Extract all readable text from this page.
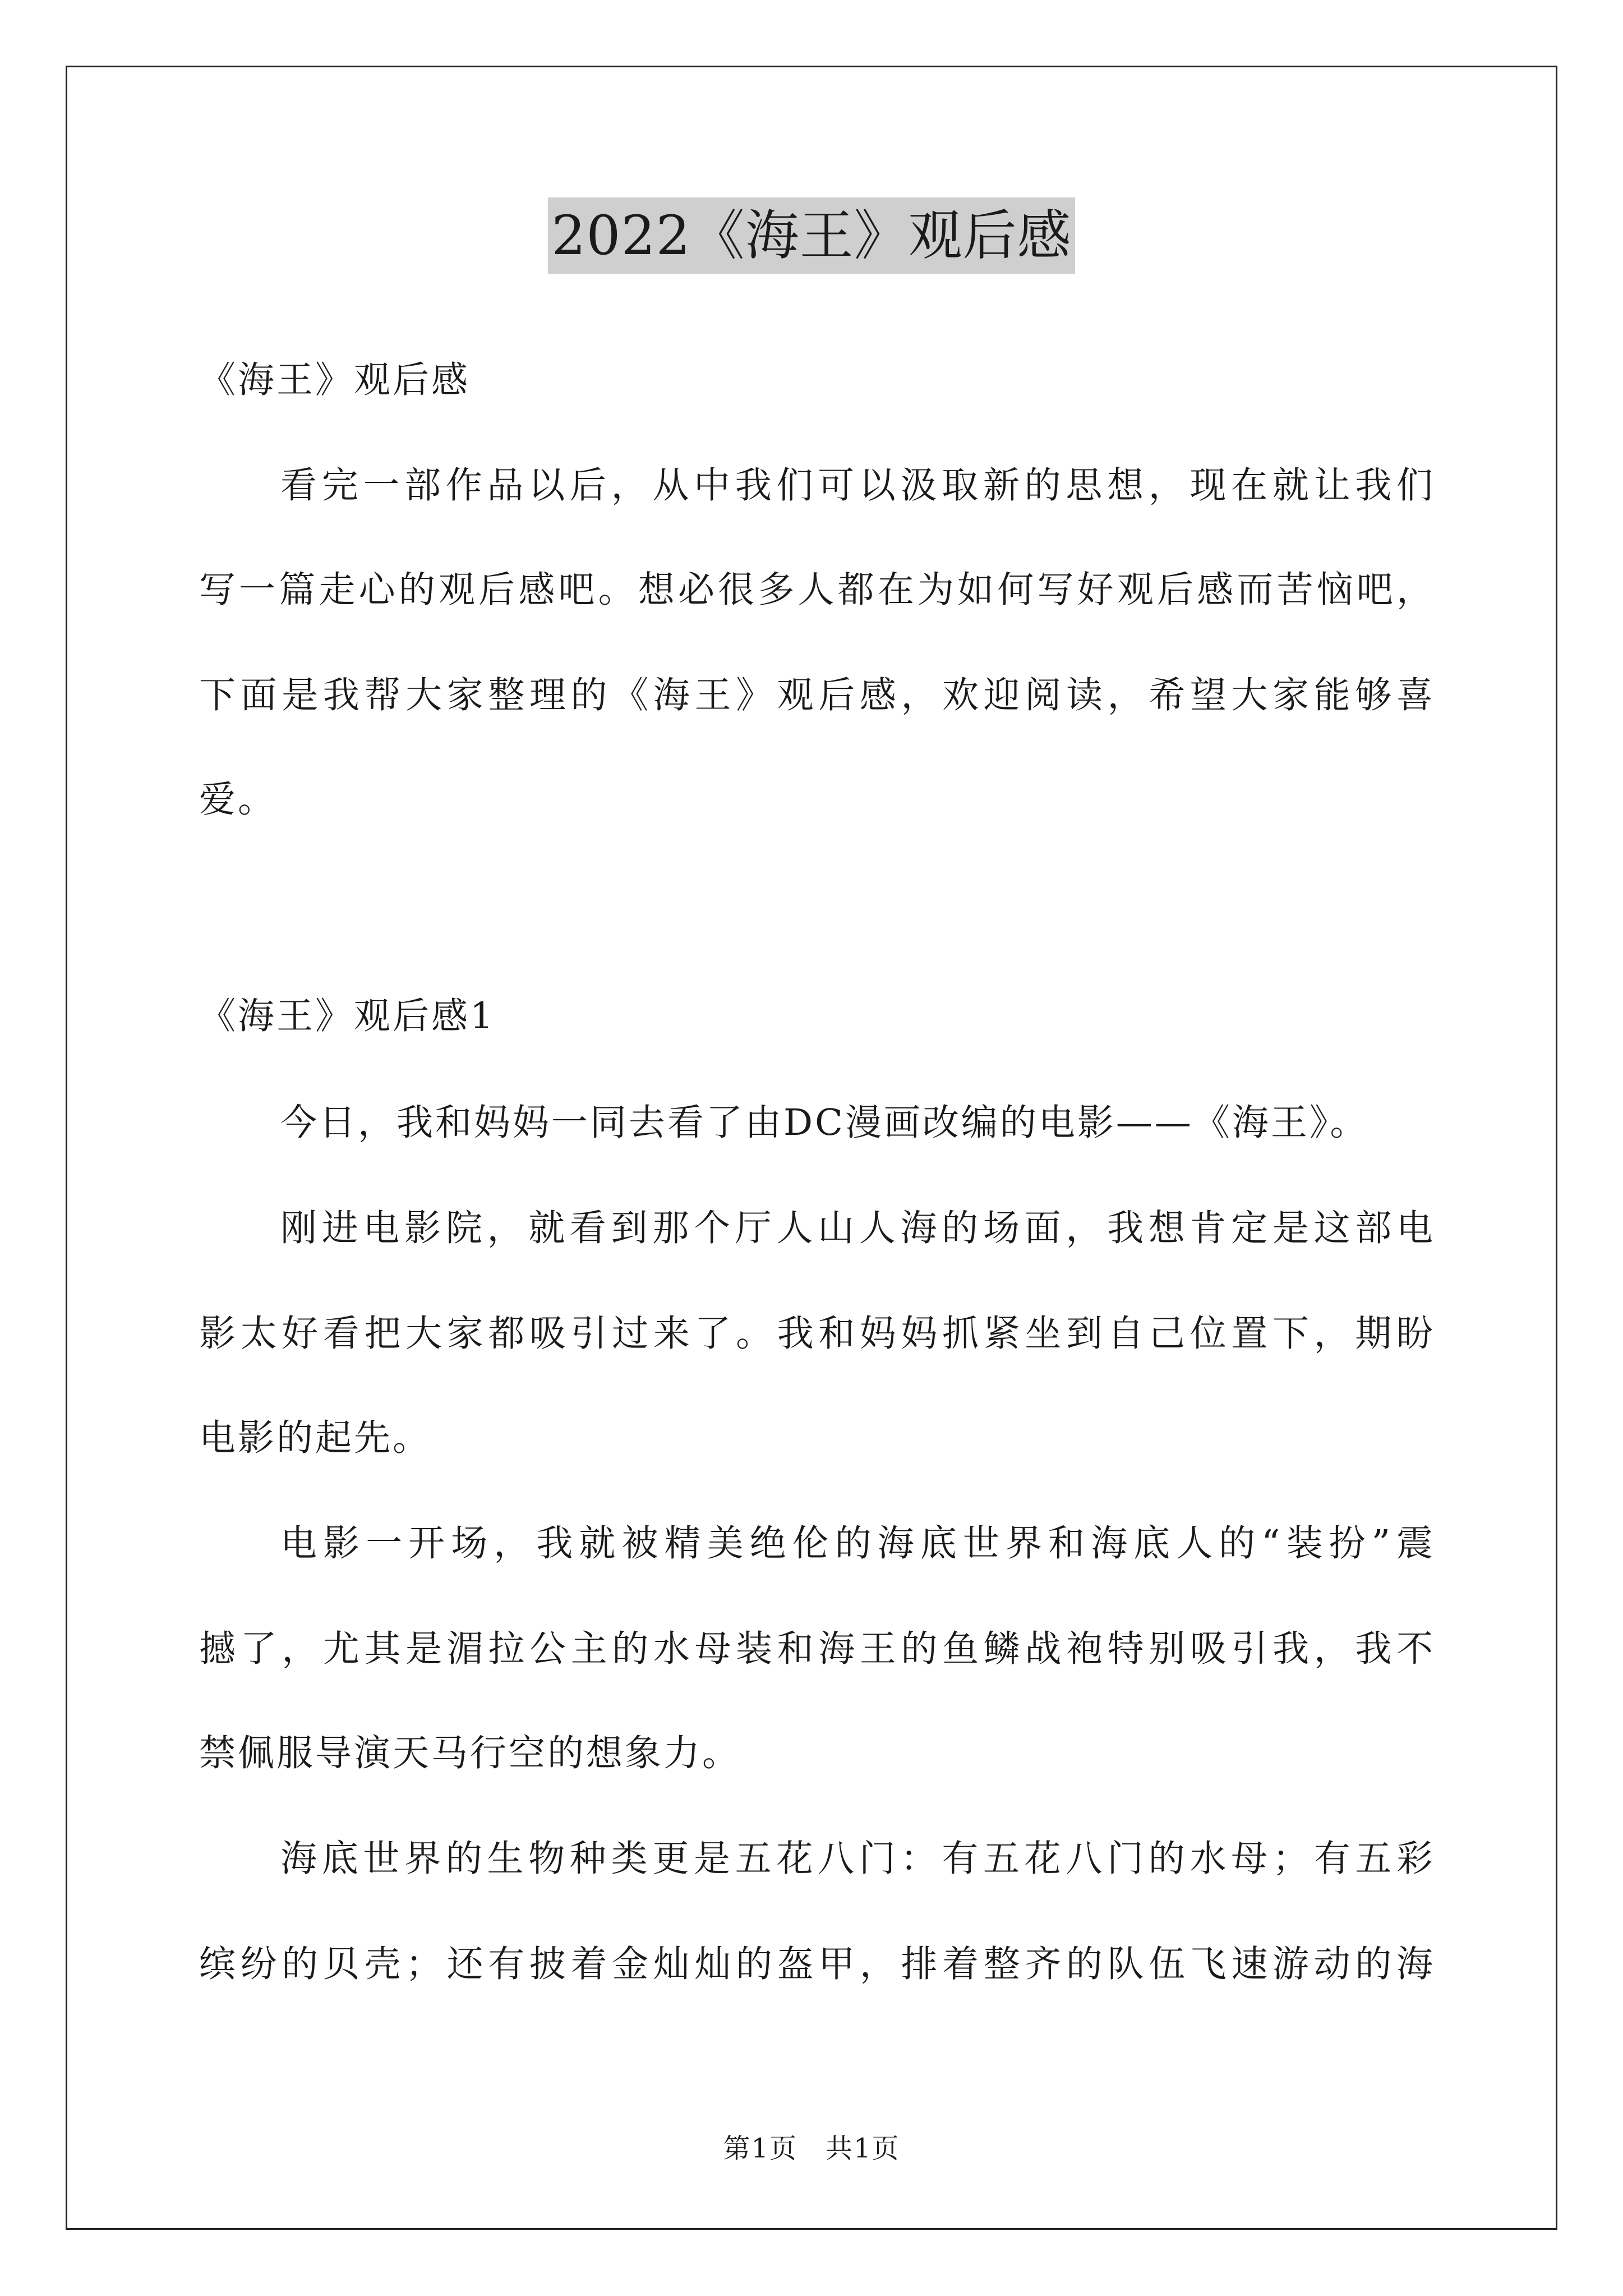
2022《海王》观后感
《海王》观后感
看完一部作品以后，从中我们可以汲取新的思想，现在就让我们
写一篇走心的观后感吧。想必很多人都在为如何写好观后感而苦恼吧，
下面是我帮大家整理的《海王》观后感，欢迎阅读，希望大家能够喜
爱。
《海王》观后感1
今日，我和妈妈一同去看了由DC漫画改编的电影——《海王》。
刚进电影院，就看到那个厅人山人海的场面，我想肯定是这部电
影太好看把大家都吸引过来了。我和妈妈抓紧坐到自己位置下，期盼
电影的起先。
电影一开场，我就被精美绝伦的海底世界和海底人的“装扮”震
撼了，尤其是湄拉公主的水母装和海王的鱼鳞战袍特别吸引我，我不
禁佩服导演天马行空的想象力。
海底世界的生物种类更是五花八门：有五花八门的水母；有五彩
缤纷的贝壳；还有披着金灿灿的盔甲，排着整齐的队伍飞速游动的海
第1页　共1页
